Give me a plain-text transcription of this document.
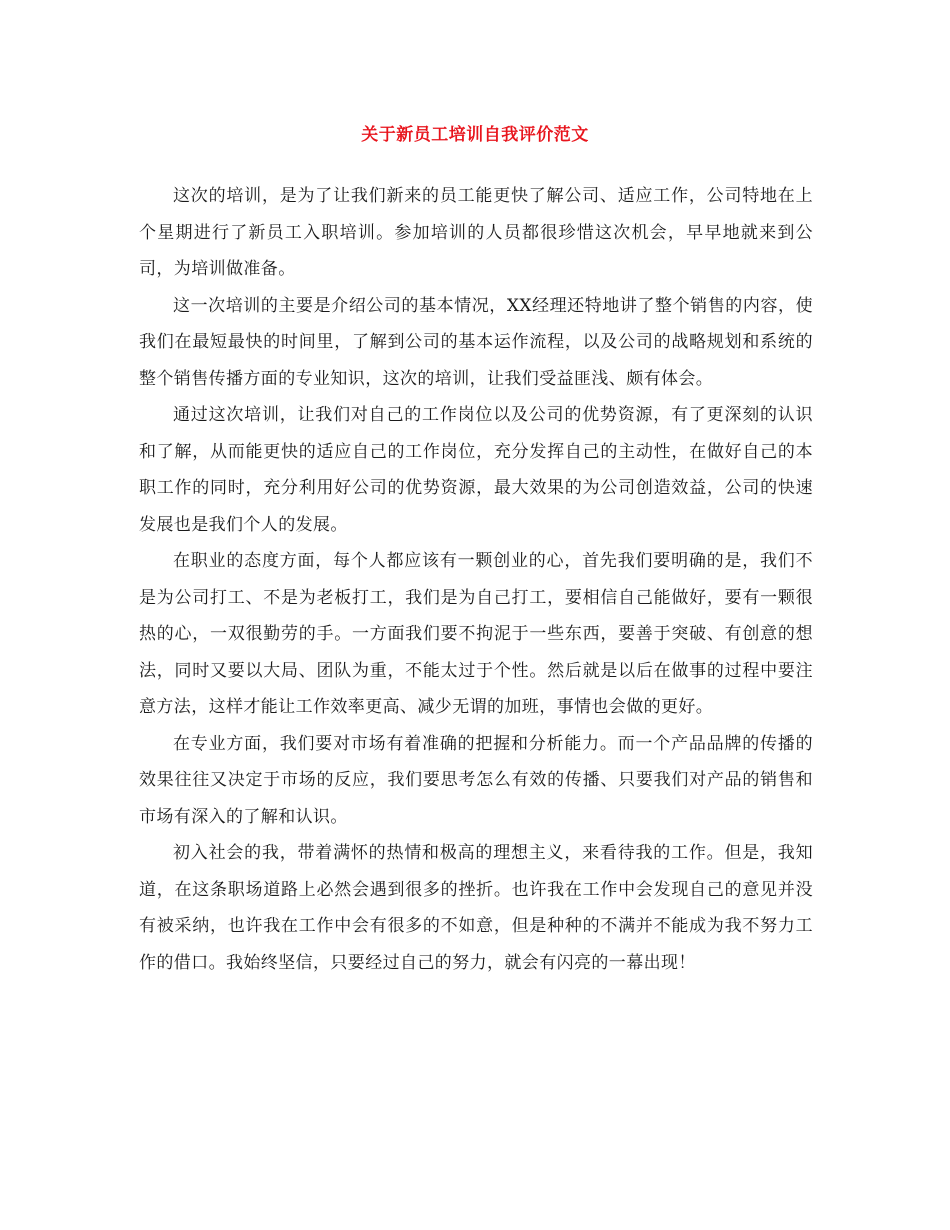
关于新员工培训自我评价范文

这次的培训，是为了让我们新来的员工能更快了解公司、适应工作，公司特地在上个星期进行了新员工入职培训。参加培训的人员都很珍惜这次机会，早早地就来到公司，为培训做准备。

这一次培训的主要是介绍公司的基本情况，XX经理还特地讲了整个销售的内容，使我们在最短最快的时间里，了解到公司的基本运作流程，以及公司的战略规划和系统的整个销售传播方面的专业知识，这次的培训，让我们受益匪浅、颇有体会。

通过这次培训，让我们对自己的工作岗位以及公司的优势资源，有了更深刻的认识和了解，从而能更快的适应自己的工作岗位，充分发挥自己的主动性，在做好自己的本职工作的同时，充分利用好公司的优势资源，最大效果的为公司创造效益，公司的快速发展也是我们个人的发展。

在职业的态度方面，每个人都应该有一颗创业的心，首先我们要明确的是，我们不是为公司打工、不是为老板打工，我们是为自己打工，要相信自己能做好，要有一颗很热的心，一双很勤劳的手。一方面我们要不拘泥于一些东西，要善于突破、有创意的想法，同时又要以大局、团队为重，不能太过于个性。然后就是以后在做事的过程中要注意方法，这样才能让工作效率更高、减少无谓的加班，事情也会做的更好。

在专业方面，我们要对市场有着准确的把握和分析能力。而一个产品品牌的传播的效果往往又决定于市场的反应，我们要思考怎么有效的传播、只要我们对产品的销售和市场有深入的了解和认识。

初入社会的我，带着满怀的热情和极高的理想主义，来看待我的工作。但是，我知道，在这条职场道路上必然会遇到很多的挫折。也许我在工作中会发现自己的意见并没有被采纳，也许我在工作中会有很多的不如意，但是种种的不满并不能成为我不努力工作的借口。我始终坚信，只要经过自己的努力，就会有闪亮的一幕出现！
